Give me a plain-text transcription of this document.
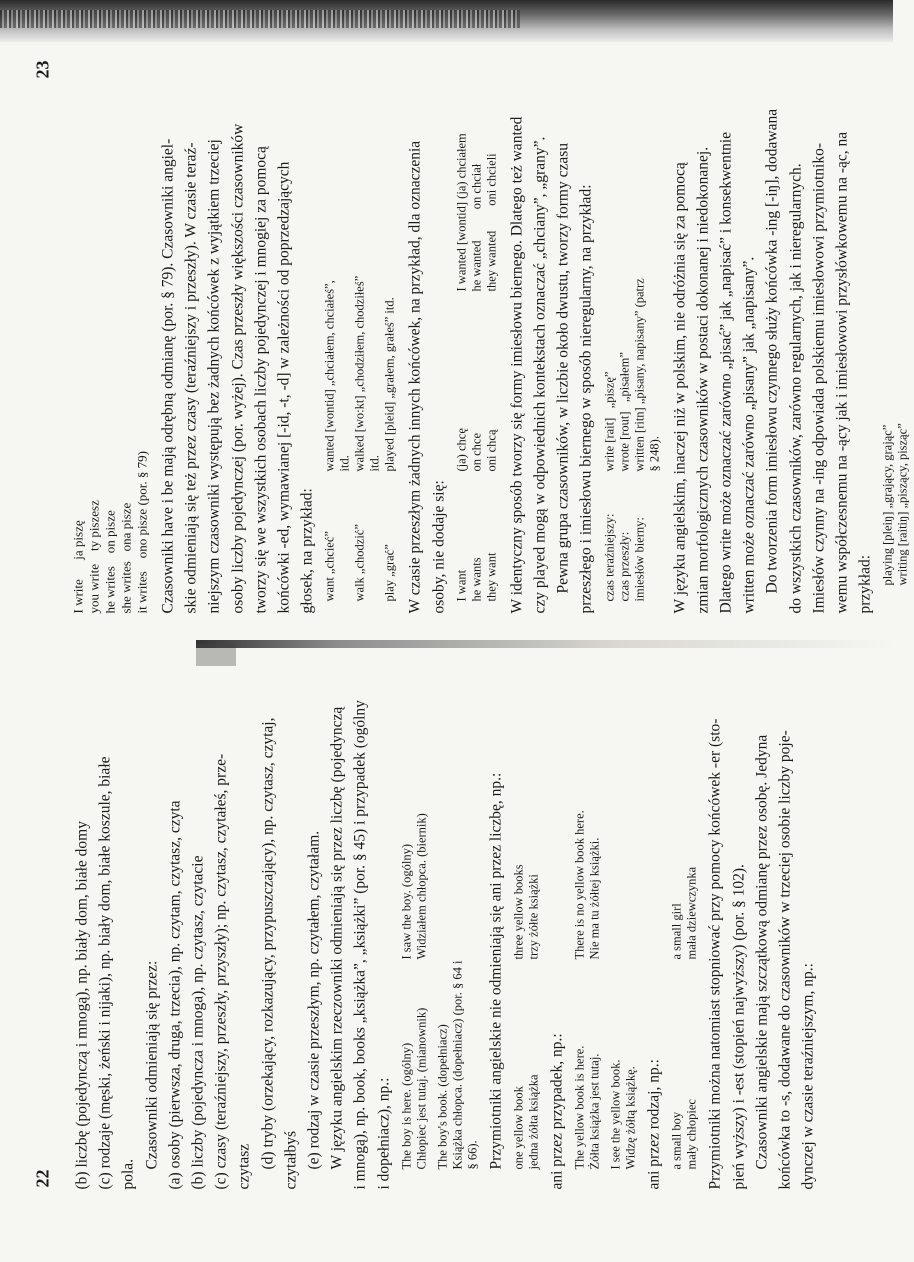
22
23

(b) liczbę (pojedynczą i mnogą), np. biały dom, białe domy (c) rodzaje (męski, żeński i nijaki), np. biały dom, białe koszule, białe pola.

Czasowniki odmieniają się przez: (a) osoby (pierwsza, druga, trzecia), np. czytam, czytasz, czyta (b) liczby (pojedyncza i mnoga), np. czytasz, czytacie (c) czasy (teraźniejszy, przeszły, przyszły); np. czytasz, czytałeś, prze- czytasz (d) tryby (orzekający, rozkazujący, przypuszczający), np. czytasz, czytaj, czytałbyś (e) rodzaj w czasie przeszłym, np. czytałem, czytałam. W języku angielskim rzeczowniki odmieniają się przez liczbę (pojedynczą i mnogą), np. book, books „książka”, „książki” (por. § 45) i przypadek (ogólny i dopełniacz), np.: The boy is here. (ogólny) Chłopiec jest tutaj. (mianownik) The boy's book. (dopełniacz) Książka chłopca. (dopełniacz) (por. § 64 i § 66).
I saw the boy. (ogólny) Widziałem chłopca. (biernik)	Przymiotniki angielskie nie odmieniają się ani przez liczbę, np.: one yellow book jedna żółta książka
three yellow books trzy żółte książki

ani przez przypadek, np.: The yellow book is here. Żółta książka jest tutaj. I see the yellow book. Widzę żółtą książkę.
There is no yellow book here. Nie ma tu żółtej książki.

ani przez rodzaj, np.: a small boy mały chłopiec
a small girl mała dziewczynka Przymiotniki można natomiast stopniować przy pomocy końcówek -er (sto- pień wyższy) i -est (stopień najwyższy) (por. § 102). Czasowniki angielskie mają szczątkową odmianę przez osobę. Jedyna końcówka to -s, dodawane do czasowników w trzeciej osobie liczby poje- dynczej w czasie teraźniejszym, np.:

I write      ja piszę you write    ty piszesz he writes    on pisze she writes   ona pisze it writes    ono pisze (por. § 79) Czasowniki have i be mają odrębną odmianę (por. § 79). Czasowniki angiel- skie odmieniają się też przez czasy (teraźniejszy i przeszły). W czasie teraź- niejszym czasowniki występują bez żadnych końcówek z wyjątkiem trzeciej osoby liczby pojedynczej (por. wyżej). Czas przeszły większości czasowników tworzy się we wszystkich osobach liczby pojedynczej i mnogiej za pomocą końcówki -ed, wymawianej [-id, -t, -d] w zależności od poprzedzających głosek, na przykład: want „chcieć”
wanted [wontid] „chciałem, chciałeś”, itd.
walk „chodzić”
walked [wo:kt] „chodziłem, chodziłeś” itd.
play „grać”
played [pleid] „grałem, grałeś” itd. W czasie przeszłym żadnych innych końcówek, na przykład, dla oznaczenia osoby, nie dodaje się: I want
(ja) chcę
I wanted [wontid] (ja) chciałem
he wants
on chce
he wanted          on chciał
they want
oni chcą
they wanted        oni chcieli W identyczny sposób tworzy się formy imiesłowu biernego. Dlatego też wanted czy played mogą w odpowiednich kontekstach oznaczać „chciany”, „grany”. Pewna grupa czasowników, w liczbie około dwustu, tworzy formy czasu przeszłego i imiesłowu biernego w sposób nieregularny, na przykład: czas teraźniejszy:
write [rait]   „piszę”
czas przeszły:
wrote [rout]   „pisałem”
imiesłów bierny:
written [ritn] „pisany, napisany” (patrz § 248). W języku angielskim, inaczej niż w polskim, nie odróżnia się za pomocą zmian morfologicznych czasowników w postaci dokonanej i niedokonanej. Dlatego write może oznaczać zarówno „pisać” jak „napisać” i konsekwentnie written może oznaczać zarówno „pisany” jak „napisany”. Do tworzenia form imiesłowu czynnego służy końcówka -ing [-iŋ], dodawana do wszystkich czasowników, zarówno regularnych, jak i nieregularnych. Imiesłów czynny na -ing odpowiada polskiemu imiesłowowi przymiotniko- wemu współczesnemu na -ący jak i imiesłowowi przysłówkowemu na -ąc, na przykład: playing [pleiŋ] „grający, grając” writing [raitiŋ] „piszący, pisząc”
